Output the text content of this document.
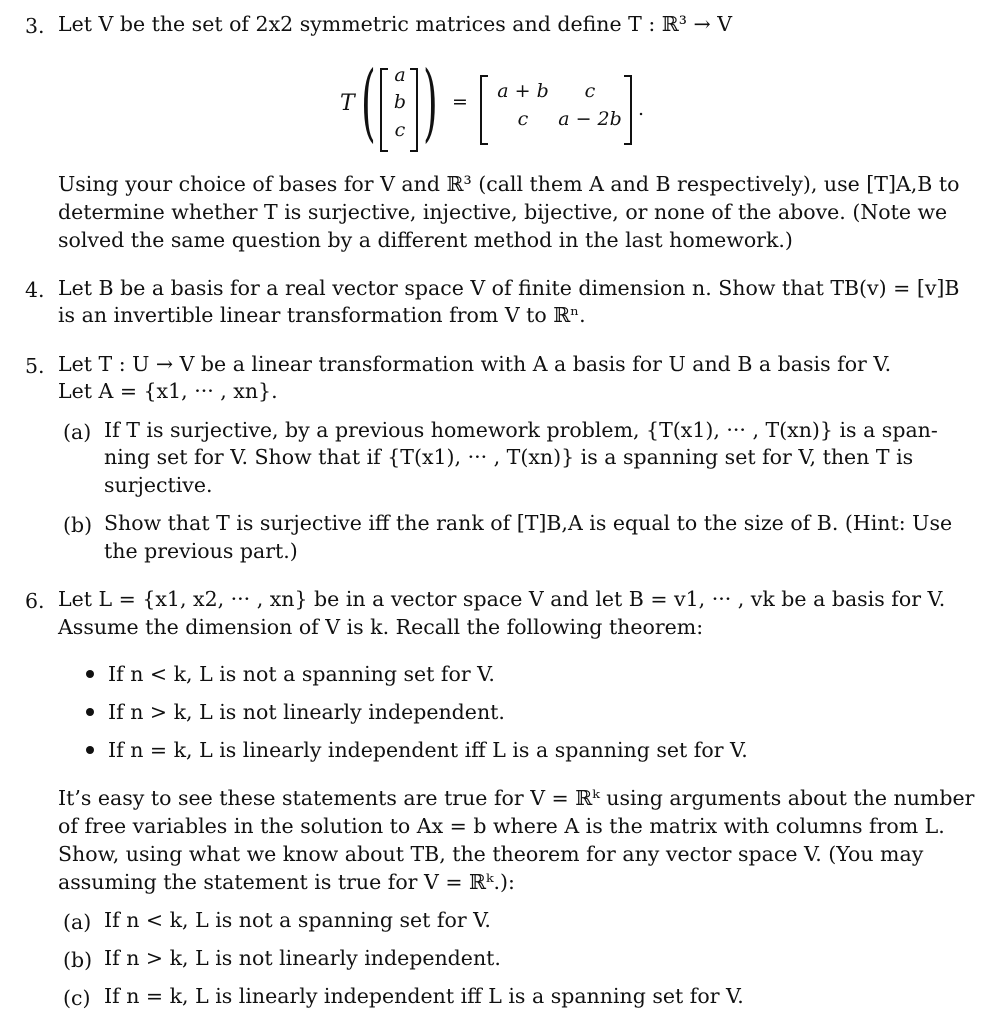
3. Let V be the set of 2x2 symmetric matrices and define T : ℝ³ → V
T ( a
b
c ) =	a + b	c
c	a − 2b .
Using your choice of bases for V and ℝ³ (call them A and B respectively), use [T]A,B to
determine whether T is surjective, injective, bijective, or none of the above. (Note we
solved the same question by a different method in the last homework.)
4. Let B be a basis for a real vector space V of finite dimension n. Show that TB(v) = [v]B
is an invertible linear transformation from V to ℝⁿ.
5. Let T : U → V be a linear transformation with A a basis for U and B a basis for V.
Let A = {x1, ··· , xn}.
(a) If T is surjective, by a previous homework problem, {T(x1), ··· , T(xn)} is a span-
ning set for V. Show that if {T(x1), ··· , T(xn)} is a spanning set for V, then T is
surjective.
(b) Show that T is surjective iff the rank of [T]B,A is equal to the size of B. (Hint: Use
the previous part.)
6. Let L = {x1, x2, ··· , xn} be in a vector space V and let B = v1, ··· , vk be a basis for V.
Assume the dimension of V is k. Recall the following theorem:
If n < k, L is not a spanning set for V.
If n > k, L is not linearly independent.
If n = k, L is linearly independent iff L is a spanning set for V.
It’s easy to see these statements are true for V = ℝᵏ using arguments about the number
of free variables in the solution to Ax = b where A is the matrix with columns from L.
Show, using what we know about TB, the theorem for any vector space V. (You may
assuming the statement is true for V = ℝᵏ.):
(a) If n < k, L is not a spanning set for V.
(b) If n > k, L is not linearly independent.
(c) If n = k, L is linearly independent iff L is a spanning set for V.
